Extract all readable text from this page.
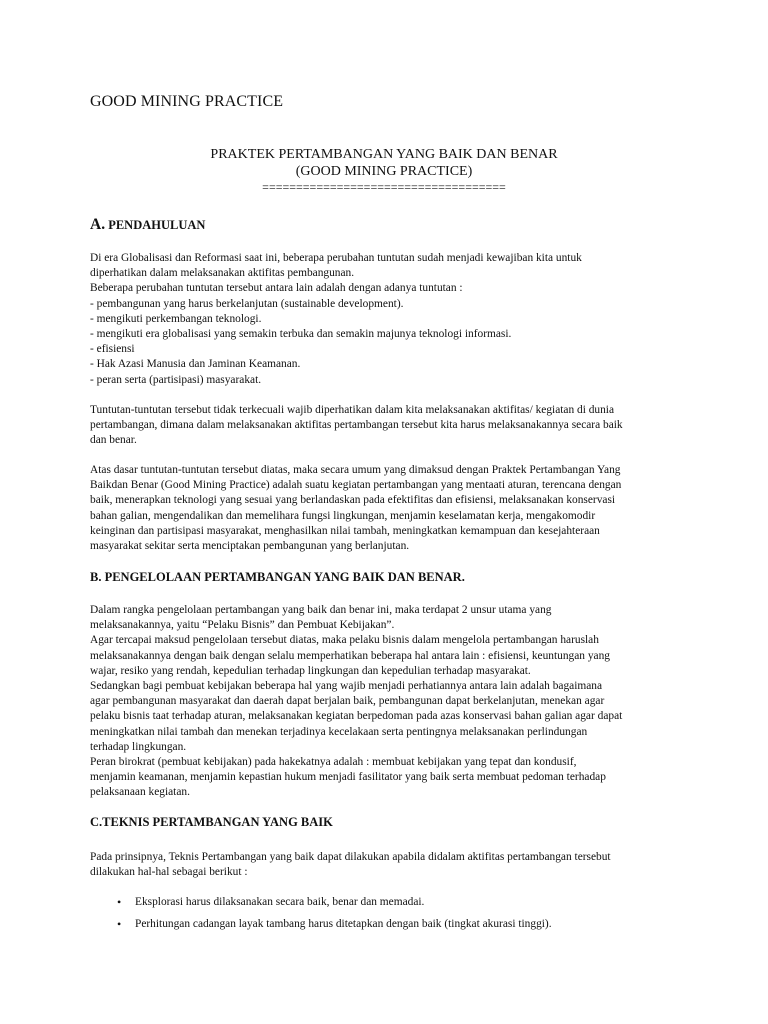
GOOD MINING PRACTICE
PRAKTEK PERTAMBANGAN YANG BAIK DAN BENAR
(GOOD MINING PRACTICE)
====================================
A. PENDAHULUAN
Di era Globalisasi dan Reformasi saat ini, beberapa perubahan tuntutan sudah menjadi kewajiban kita untuk
diperhatikan dalam melaksanakan aktifitas pembangunan.
Beberapa perubahan tuntutan tersebut antara lain adalah dengan adanya tuntutan :
- pembangunan yang harus berkelanjutan (sustainable development).
- mengikuti perkembangan teknologi.
- mengikuti era globalisasi yang semakin terbuka dan semakin majunya teknologi informasi.
- efisiensi
- Hak Azasi Manusia dan Jaminan Keamanan.
- peran serta (partisipasi) masyarakat.
Tuntutan-tuntutan tersebut tidak terkecuali wajib diperhatikan dalam kita melaksanakan aktifitas/ kegiatan di dunia
pertambangan, dimana dalam melaksanakan aktifitas pertambangan tersebut kita harus melaksanakannya secara baik
dan benar.
Atas dasar tuntutan-tuntutan tersebut diatas, maka secara umum yang dimaksud dengan Praktek Pertambangan Yang
Baikdan Benar (Good Mining Practice) adalah suatu kegiatan pertambangan yang mentaati aturan, terencana dengan
baik, menerapkan teknologi yang sesuai yang berlandaskan pada efektifitas dan efisiensi, melaksanakan konservasi
bahan galian, mengendalikan dan memelihara fungsi lingkungan, menjamin keselamatan kerja, mengakomodir
keinginan dan partisipasi masyarakat, menghasilkan nilai tambah, meningkatkan kemampuan dan kesejahteraan
masyarakat sekitar serta menciptakan pembangunan yang berlanjutan.
B. PENGELOLAAN PERTAMBANGAN YANG BAIK DAN BENAR.
Dalam rangka pengelolaan pertambangan yang baik dan benar ini, maka terdapat 2 unsur utama yang
melaksanakannya, yaitu “Pelaku Bisnis” dan Pembuat Kebijakan”.
Agar tercapai maksud pengelolaan tersebut diatas, maka pelaku bisnis dalam mengelola pertambangan haruslah
melaksanakannya dengan baik dengan selalu memperhatikan beberapa hal antara lain : efisiensi, keuntungan yang
wajar, resiko yang rendah, kepedulian terhadap lingkungan dan kepedulian terhadap masyarakat.
Sedangkan bagi pembuat kebijakan beberapa hal yang wajib menjadi perhatiannya antara lain adalah bagaimana
agar pembangunan masyarakat dan daerah dapat berjalan baik, pembangunan dapat berkelanjutan, menekan agar
pelaku bisnis taat terhadap aturan, melaksanakan kegiatan berpedoman pada azas konservasi bahan galian agar dapat
meningkatkan nilai tambah dan menekan terjadinya kecelakaan serta pentingnya melaksanakan perlindungan
terhadap lingkungan.
Peran birokrat (pembuat kebijakan) pada hakekatnya adalah : membuat kebijakan yang tepat dan kondusif,
menjamin keamanan, menjamin kepastian hukum menjadi fasilitator yang baik serta membuat pedoman terhadap
pelaksanaan kegiatan.
C.TEKNIS PERTAMBANGAN YANG BAIK
Pada prinsipnya, Teknis Pertambangan yang baik dapat dilakukan apabila didalam aktifitas pertambangan tersebut
dilakukan hal-hal sebagai berikut :
• Eksplorasi harus dilaksanakan secara baik, benar dan memadai.
• Perhitungan cadangan layak tambang harus ditetapkan dengan baik (tingkat akurasi tinggi).
